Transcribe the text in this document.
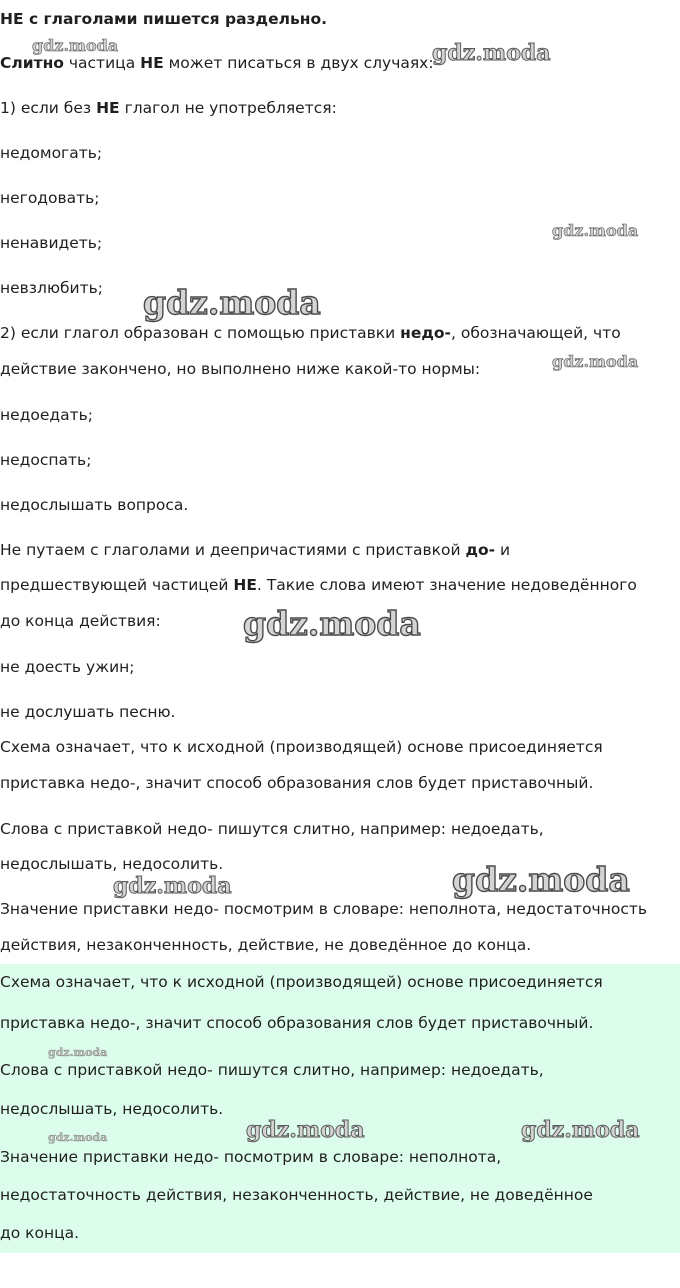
НЕ с глаголами пишется раздельно.
Слитно частица НЕ может писаться в двух случаях:
1) если без НЕ глагол не употребляется:
недомогать;
негодовать;
ненавидеть;
невзлюбить;
2) если глагол образован с помощью приставки недо-, обозначающей, что
действие закончено, но выполнено ниже какой-то нормы:
недоедать;
недоспать;
недослышать вопроса.
Не путаем с глаголами и деепричастиями с приставкой до- и
предшествующей частицей НЕ. Такие слова имеют значение недоведённого
до конца действия:
не доесть ужин;
не дослушать песню.
Схема означает, что к исходной (производящей) основе присоединяется
приставка недо-, значит способ образования слов будет приставочный.
Слова с приставкой недо- пишутся слитно, например: недоедать,
недослышать, недосолить.
Значение приставки недо- посмотрим в словаре: неполнота, недостаточность
действия, незаконченность, действие, не доведённое до конца.
Схема означает, что к исходной (производящей) основе присоединяется
приставка недо-, значит способ образования слов будет приставочный.
Слова с приставкой недо- пишутся слитно, например: недоедать,
недослышать, недосолить.
Значение приставки недо- посмотрим в словаре: неполнота,
недостаточность действия, незаконченность, действие, не доведённое
до конца.
gdz.moda	gdz.moda
gdz.moda
gdz.moda
gdz.moda
gdz.moda
gdz.moda	gdz.moda
gdz.moda
gdz.moda	gdz.moda	gdz.moda
